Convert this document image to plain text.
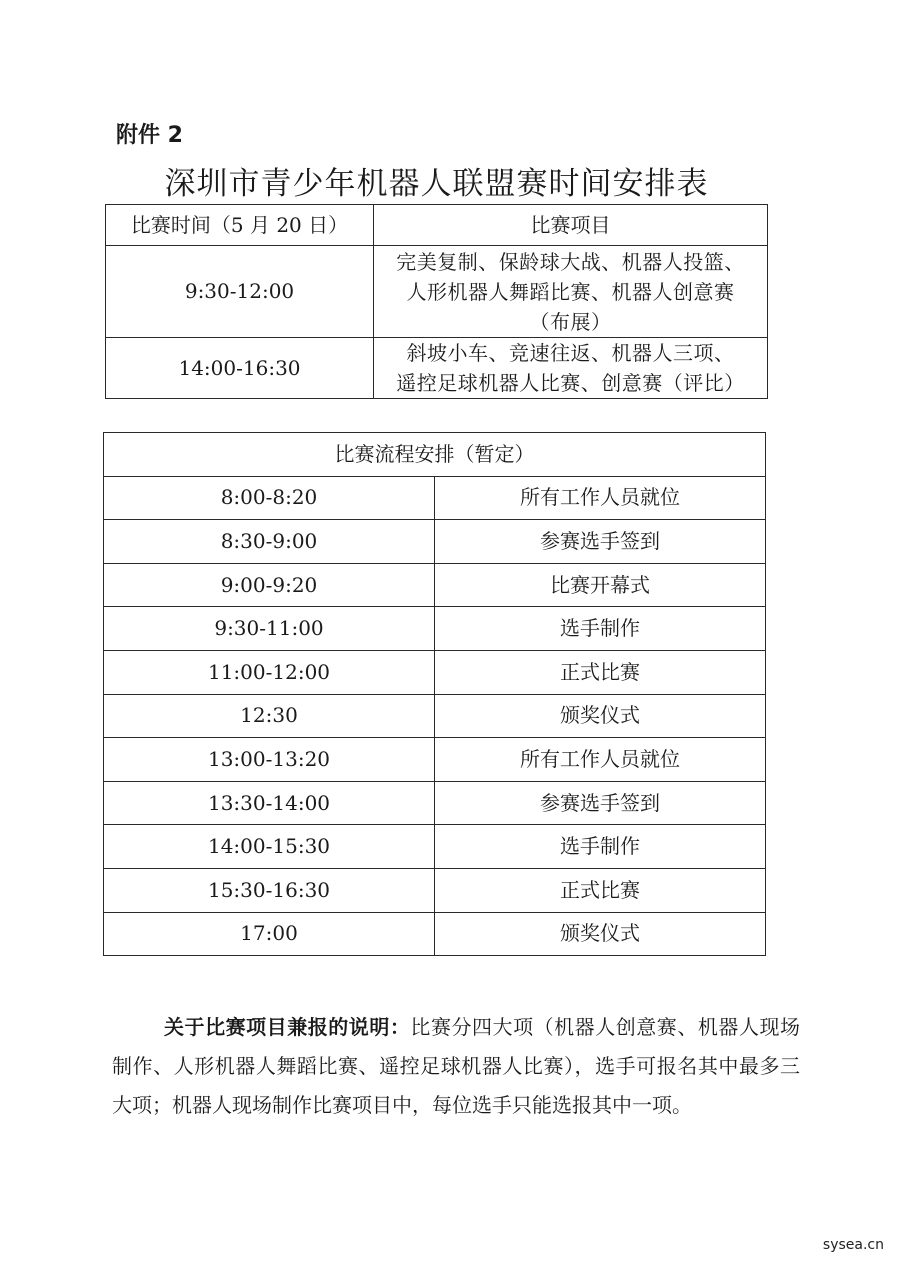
附件 2
深圳市青少年机器人联盟赛时间安排表
比赛时间（5 月 20 日）	比赛项目
9:30-12:00	完美复制、保龄球大战、机器人投篮、
人形机器人舞蹈比赛、机器人创意赛
（布展）

14:00-16:30	斜坡小车、竞速往返、机器人三项、
遥控足球机器人比赛、创意赛（评比）
比赛流程安排（暂定）	
8:00-8:20	所有工作人员就位
8:30-9:00	参赛选手签到
9:00-9:20	比赛开幕式
9:30-11:00	选手制作
11:00-12:00	正式比赛
12:30	颁奖仪式
13:00-13:20	所有工作人员就位
13:30-14:00	参赛选手签到
14:00-15:30	选手制作
15:30-16:30	正式比赛
17:00	颁奖仪式
关于比赛项目兼报的说明：比赛分四大项（机器人创意赛、机器人现场制作、人形机器人舞蹈比赛、遥控足球机器人比赛），选手可报名其中最多三大项；机器人现场制作比赛项目中，每位选手只能选报其中一项。
sysea.cn
